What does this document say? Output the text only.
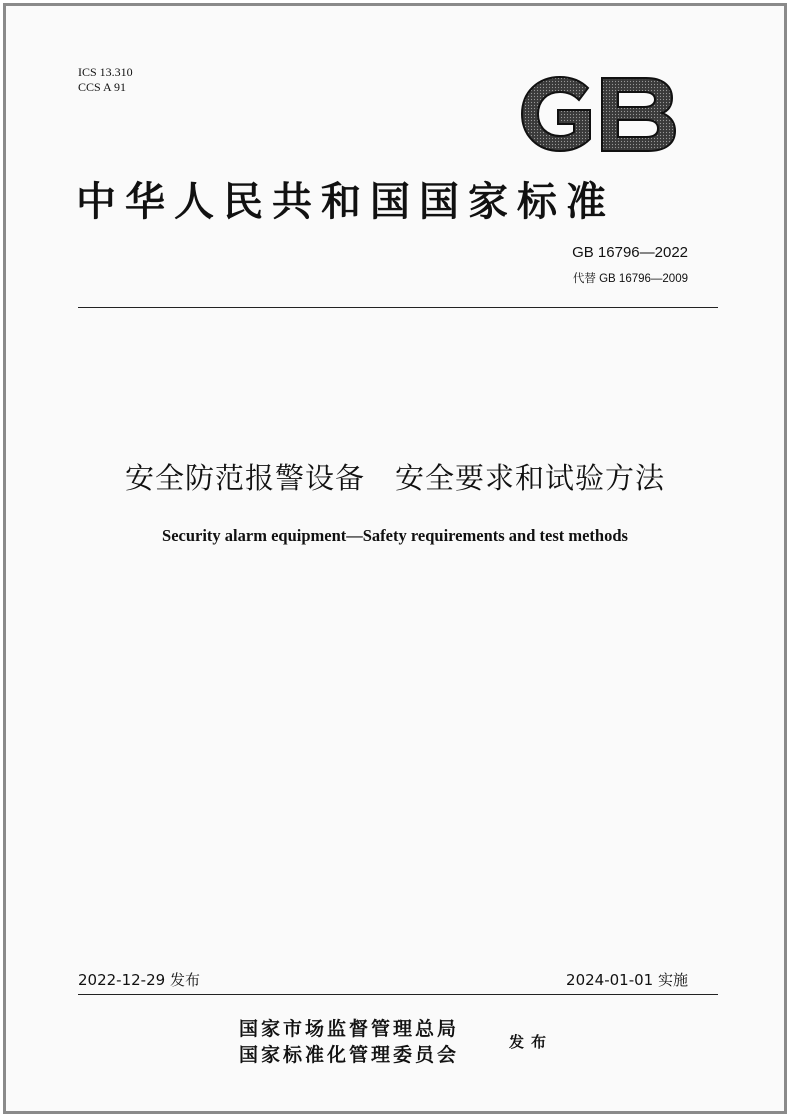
ICS 13.310
CCS A 91
中华人民共和国国家标准
GB 16796—2022
代替 GB 16796—2009
安全防范报警设备　安全要求和试验方法
Security alarm equipment—Safety requirements and test methods
2022-12-29 发布	2024-01-01 实施
国家市场监督管理总局
国家标准化管理委员会
发布
